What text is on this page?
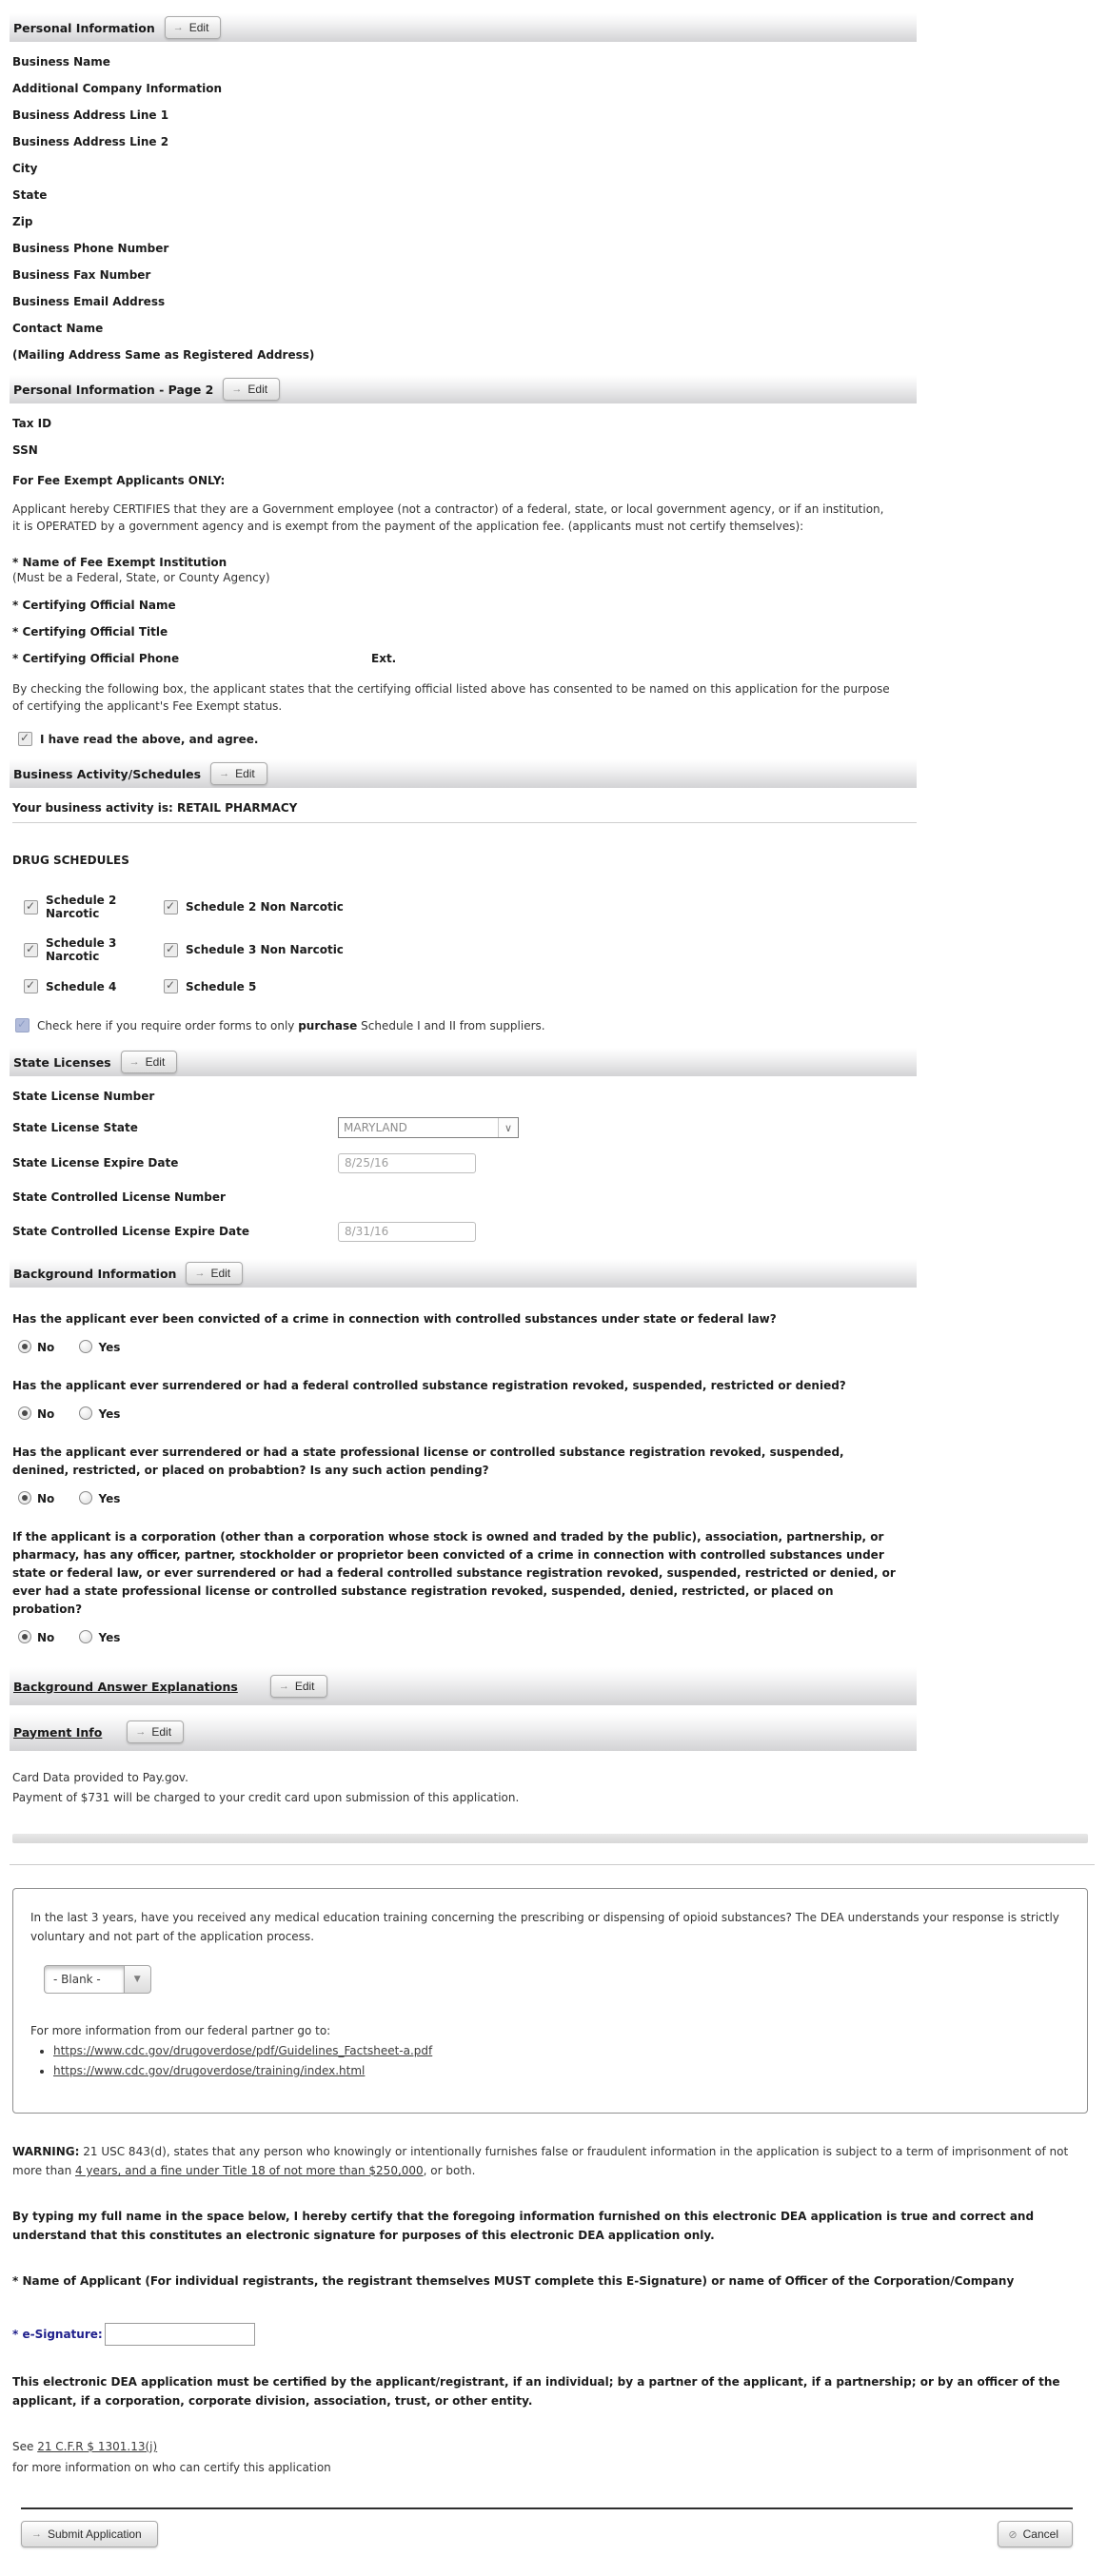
Personal Information → Edit

Business Name

Additional Company Information

Business Address Line 1

Business Address Line 2

City

State

Zip

Business Phone Number

Business Fax Number

Business Email Address

Contact Name

(Mailing Address Same as Registered Address)

Personal Information - Page 2 → Edit

Tax ID

SSN

For Fee Exempt Applicants ONLY:

Applicant hereby CERTIFIES that they are a Government employee (not a contractor) of a federal, state, or local government agency, or if an institution, it is OPERATED by a government agency and is exempt from the payment of the application fee. (applicants must not certify themselves):

* Name of Fee Exempt Institution

(Must be a Federal, State, or County Agency)

* Certifying Official Name

* Certifying Official Title

* Certifying Official Phone	Ext.

By checking the following box, the applicant states that the certifying official listed above has consented to be named on this application for the purpose of certifying the applicant's Fee Exempt status.

✓
I have read the above, and agree.
Business Activity/Schedules → Edit

Your business activity is: RETAIL PHARMACY

DRUG SCHEDULES

✓
Schedule 2 Narcotic ✓	Schedule 2 Non Narcotic
✓
Schedule 3 Narcotic ✓	Schedule 3 Non Narcotic
✓
Schedule 4 ✓	Schedule 5
✓
Check here if you require order forms to only purchase Schedule I and II from suppliers.
State Licenses → Edit

State License Number

State License State	MARYLAND	∨
State License Expire Date
8/25/16

State Controlled License Number

State Controlled License Expire Date
8/31/16
Background Information → Edit

Has the applicant ever been convicted of a crime in connection with controlled substances under state or federal law?

No	Yes

Has the applicant ever surrendered or had a federal controlled substance registration revoked, suspended, restricted or denied?

No	Yes

Has the applicant ever surrendered or had a state professional license or controlled substance registration revoked, suspended, denined, restricted, or placed on probabtion? Is any such action pending?

No	Yes

If the applicant is a corporation (other than a corporation whose stock is owned and traded by the public), association, partnership, or pharmacy, has any officer, partner, stockholder or proprietor been convicted of a crime in connection with controlled substances under state or federal law, or ever surrendered or had a federal controlled substance registration revoked, suspended, restricted or denied, or ever had a state professional license or controlled substance registration revoked, suspended, denied, restricted, or placed on probation?

No	Yes
Background Answer Explanations	→ Edit
Payment Info	→ Edit

Card Data provided to Pay.gov.

Payment of $731 will be charged to your credit card upon submission of this application.

In the last 3 years, have you received any medical education training concerning the prescribing or dispensing of opioid substances? The DEA understands your response is strictly voluntary and not part of the application process.

- Blank -	▼

For more information from our federal partner go to:

• https://www.cdc.gov/drugoverdose/pdf/Guidelines_Factsheet-a.pdf
• https://www.cdc.gov/drugoverdose/training/index.html

WARNING: 21 USC 843(d), states that any person who knowingly or intentionally furnishes false or fraudulent information in the application is subject to a term of imprisonment of not more than 4 years, and a fine under Title 18 of not more than $250,000, or both.

By typing my full name in the space below, I hereby certify that the foregoing information furnished on this electronic DEA application is true and correct and understand that this constitutes an electronic signature for purposes of this electronic DEA application only.

* Name of Applicant (For individual registrants, the registrant themselves MUST complete this E-Signature) or name of Officer of the Corporation/Company

* e-Signature:

This electronic DEA application must be certified by the applicant/registrant, if an individual; by a partner of the applicant, if a partnership; or by an officer of the applicant, if a corporation, corporate division, association, trust, or other entity.

See 21 C.F.R $ 1301.13(j)

for more information on who can certify this application

→ Submit Application	⊘ Cancel
